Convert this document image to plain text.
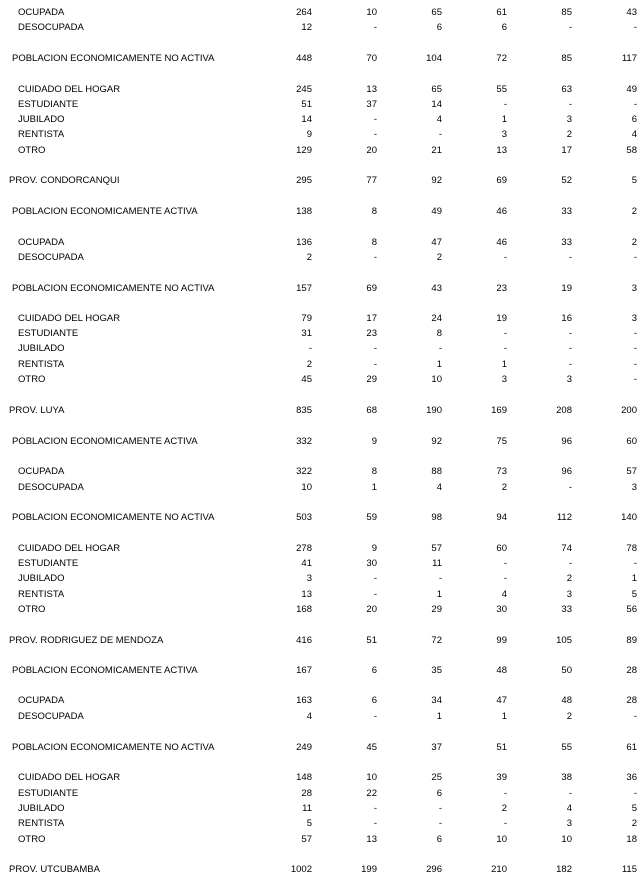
OCUPADA	264	10	65	61	85	43
DESOCUPADA	12	-	6	6	-	-
POBLACION ECONOMICAMENTE NO ACTIVA	448	70	104	72	85	117
CUIDADO DEL HOGAR	245	13	65	55	63	49
ESTUDIANTE	51	37	14	-	-	-
JUBILADO	14	-	4	1	3	6
RENTISTA	9	-	-	3	2	4
OTRO	129	20	21	13	17	58
PROV. CONDORCANQUI	295	77	92	69	52	5
POBLACION ECONOMICAMENTE ACTIVA	138	8	49	46	33	2
OCUPADA	136	8	47	46	33	2
DESOCUPADA	2	-	2	-	-	-
POBLACION ECONOMICAMENTE NO ACTIVA	157	69	43	23	19	3
CUIDADO DEL HOGAR	79	17	24	19	16	3
ESTUDIANTE	31	23	8	-	-	-
JUBILADO	-	-	-	-	-	-
RENTISTA	2	-	1	1	-	-
OTRO	45	29	10	3	3	-
PROV. LUYA	835	68	190	169	208	200
POBLACION ECONOMICAMENTE ACTIVA	332	9	92	75	96	60
OCUPADA	322	8	88	73	96	57
DESOCUPADA	10	1	4	2	-	3
POBLACION ECONOMICAMENTE NO ACTIVA	503	59	98	94	112	140
CUIDADO DEL HOGAR	278	9	57	60	74	78
ESTUDIANTE	41	30	11	-	-	-
JUBILADO	3	-	-	-	2	1
RENTISTA	13	-	1	4	3	5
OTRO	168	20	29	30	33	56
PROV. RODRIGUEZ DE MENDOZA	416	51	72	99	105	89
POBLACION ECONOMICAMENTE ACTIVA	167	6	35	48	50	28
OCUPADA	163	6	34	47	48	28
DESOCUPADA	4	-	1	1	2	-
POBLACION ECONOMICAMENTE NO ACTIVA	249	45	37	51	55	61
CUIDADO DEL HOGAR	148	10	25	39	38	36
ESTUDIANTE	28	22	6	-	-	-
JUBILADO	11	-	-	2	4	5
RENTISTA	5	-	-	-	3	2
OTRO	57	13	6	10	10	18
PROV. UTCUBAMBA	1002	199	296	210	182	115
